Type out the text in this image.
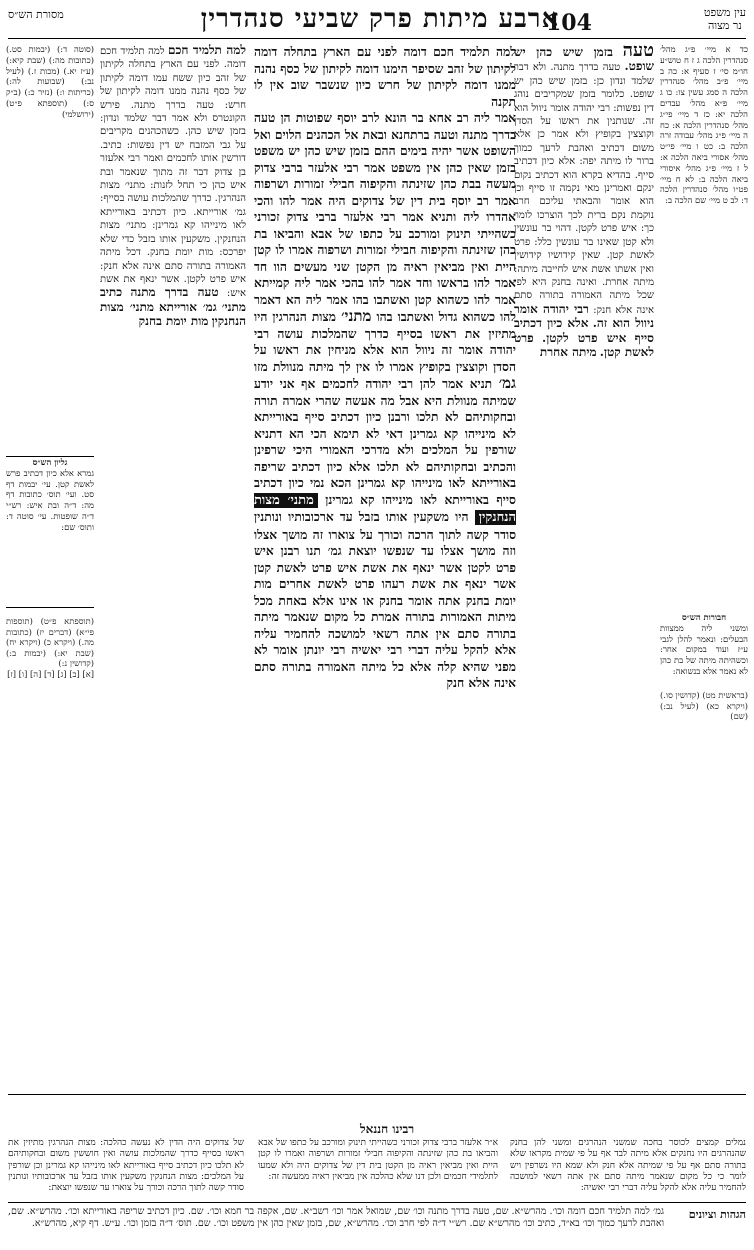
ארבע מיתות פרק שביעי סנהדרין
104	עין משפט
נר מצוה
מסורת הש״ס
כד א מיי׳ פ״ג מהל׳ סנהדרין הלכה ג ז ח טוש״ע חו״מ סי׳ ז סעיף א: כה ב מיי׳ פ״ב מהל׳ סנהדרין הלכה ה סמג עשין צו: כו ג מיי׳ פ״א מהל׳ עבדים הלכה יא: כז ד מיי׳ פי״ג מהל׳ סנהדרין הלכה א: כח ה מיי׳ פ״ג מהל׳ עבודה זרה הלכה ב: כט ו מיי׳ פי״ט מהל׳ אסורי ביאה הלכה א: ל ז מיי׳ פ״ג מהל׳ איסורי ביאה הלכה ב: לא ח מיי׳ פט״ו מהל׳ סנהדרין הלכה ד: לב ט מיי׳ שם הלכה ב:
חבורות הש״ס
ומשני ליה ממצוות הבעלים: ונאמר להלן לגבי ע״ז ועוד במקום אחר: וכשהיתה מיתה של בת כהן לא נאמר אלא בנשואה:
(בראשית מט) (קדושין סו.) (ויקרא כא) (לעיל נב:) (שם)
טעה בזמן שיש כהן יש שופט. טעה בדרך מתנה. ולא דבר שלמד ונדון כן: בזמן שיש כהן יש שופט. כלומר בזמן שמקריבים נוהג דין נפשות: רבי יהודה אומר ניוול הוא זה. שנותנין את ראשו על הסדן וקוצצין בקופיץ ולא אמר כן אלא משום דכתיב ואהבת לרעך כמוך ברור לו מיתה יפה: אלא כיון דכתיב סייף. בהדיא בקרא הוא דכתיב נקום ינקם ואמרינן מאי נקמה זו סייף וכן הוא אומר והבאתי עליכם חרב נוקמת נקם ברית לכך הוצרכו לומר כך: איש פרט לקטן. דהוי בר עונשין ולא קטן שאינו בר עונשין כלל: פרט לאשת קטן. שאין קידושיו קידושין ואין אשתו אשת איש לחייבה מיתה: מיתה אחרת. ואינה בחנק היא לפי שכל מיתה האמורה בתורה סתם אינה אלא חנק: רבי יהודה אומר ניוול הוא זה. אלא כיון דכתיב סייף איש פרט לקטן. פרט לאשת קטן. מיתה אחרת
למה תלמיד חכם דומה לפני עם הארץ בתחלה דומה לקיתון של זהב שסיפר הימנו דומה לקיתון של כסף נהנה ממנו דומה לקיתון של חרש כיון שנשבר שוב אין לו תקנה
אמר ליה רב אחא בר הונא לרב יוסף שפוטות הן טעה בדרך מתנה וטעה ברתחנא ובאת אל הכהנים הלוים ואל השופט אשר יהיה בימים ההם בזמן שיש כהן יש משפט בזמן שאין כהן אין משפט אמר רבי אלעזר ברבי צדוק מעשה בבת כהן שזינתה והקיפוה חבילי זמורות ושרפוה אמר רב יוסף בית דין של צדוקים היה אמר להו והכי אהדרו ליה ותניא אמר רבי אלעזר ברבי צדוק זכורני כשהייתי תינוק ומורכב על כתפו של אבא והביאו בת כהן שזינתה והקיפוה חבילי זמורות ושרפוה אמרו לו קטן היית ואין מביאין ראיה מן הקטן שני מעשים הוו חד אמר להו בראשו וחד אמר להו בהכי אמר ליה קמייתא אמר להו כשהוא קטן ואשתבו בהו אמר ליה הא דאמר להו כשהוא גדול ואשתבו בהו מתני׳ מצות הנהרגין היו מתיזין את ראשו בסייף כדרך שהמלכות עושה רבי יהודה אומר זה ניוול הוא אלא מניחין את ראשו על הסדן וקוצצין בקופיץ אמרו לו אין לך מיתה מנוולת מזו גמ׳ תניא אמר להן רבי יהודה לחכמים אף אני יודע שמיתה מנוולת היא אבל מה אעשה שהרי אמרה תורה ובחקותיהם לא תלכו ורבנן כיון דכתיב סייף באורייתא לא מינייהו קא גמרינן דאי לא תימא הכי הא דתניא שורפין על המלכים ולא מדרכי האמורי היכי שרפינן והכתיב ובחקותיהם לא תלכו אלא כיון דכתיב שריפה באורייתא לאו מינייהו קא גמרינן הכא נמי כיון דכתיב סייף באורייתא לאו מינייהו קא גמרינן מתני׳ מצות הנחנקין היו משקעין אותו בזבל עד ארכובותיו ונותנין סודר קשה לתוך הרכה וכורך על צוארו זה מושך אצלו וזה מושך אצלו עד שנפשו יוצאת גמ׳ תנו רבנן איש פרט לקטן אשר ינאף את אשת איש פרט לאשת קטן אשר ינאף את אשת רעהו פרט לאשת אחרים מות יומת בחנק אתה אומר בחנק או אינו אלא באחת מכל מיתות האמורות בתורה אמרת כל מקום שנאמר מיתה בתורה סתם אין אתה רשאי למושכה להחמיר עליה אלא להקל עליה דברי רבי יאשיה רבי יונתן אומר לא מפני שהיא קלה אלא כל מיתה האמורה בתורה סתם אינה אלא חנק
למה תלמיד חכם למה תלמיד חכם דומה. לפני עם הארץ בתחלה לקיתון של זהב כיון ששח עמו דומה לקיתון של כסף נהנה ממנו דומה לקיתון של חרש: טעה בדרך מתנה. פירש הקונטרס ולא אמר דבר שלמד ונדון: בזמן שיש כהן. כשהכהנים מקריבים על גבי המזבח יש דין נפשות: כתיב. דורשין אותו לחכמים ואמר רבי אלעזר בן צדוק דבר זה מתוך שנאמר ובת איש כהן כי תחל לזנות: מתני׳ מצות הנהרגין. כדרך שהמלכות עושה בסייף: גמ׳ אורייתא. כיון דכתיב באורייתא לאו מינייהו קא גמרינן: מתני׳ מצות הנחנקין. משקעין אותו בזבל כדי שלא יפרכס: מות יומת בחנק. דכל מיתה האמורה בתורה סתם אינה אלא חנק: איש פרט לקטן. אשר ינאף את אשת איש: טעה בדרך מתנה כתיב מתני׳ גמ׳ אורייתא מתני׳ מצות הנחנקין מות יומת בחנק
(סוטה ד:) (יבמות סט.) (כתובות מה:) (שבת קיא:) (ע״ז יא.) (מכות ז.) (לעיל נב:) (שבועות לה:) (כריתות ו:) (נזיר כ:) (ב״ק ס:) (תוספתא פ״ט) (ירושלמי)
גליון הש״ס
גמרא אלא כיון דכתיב פרש לאשת קטן. עי׳ יבמות דף סט. ועי׳ תוס׳ כתובות דף מה: ד״ה ובת איש: רש״י ד״ה שופטות. עי׳ סוטה ד: ותוס׳ שם:
(תוספתא פ״ט) (תוספות פי״א) (דברים יז) (כתובות מה.) (ויקרא כ) (ויקרא יח) (שבת יא:) (יבמות ב:) (קדושין נ:)
[א] [ב] [ג] [ד] [ה] [ו] [ז]
רבינו חננאל
נמלים קמצים לכוסר בחכה שמשני הנהרגים ומשני להן בחנק שהנהרגים היו נחנקים אלא מיתה לבד אף על פי שמית מקראו שלא בתורה סתם אף על פי שמיתה אלא חנק ולא שמא היו נשרפין ויש לומר כי כל מקום שנאמר מיתה סתם אין אתה רשאי למושכה להחמיר עליה אלא להקל עליה דברי רבי יאשיה:
א״ר אלעזר ברבי צדוק זכורני כשהייתי תינוק ומורכב על כתפו של אבא והביאו בת כהן שזינתה והקיפוה חבילי זמורות ושרפוה ואמרו לו קטן היית ואין מביאין ראיה מן הקטן בית דין של צדוקים היה ולא שמעו לתלמידי חכמים ולכן דנו שלא כהלכה אין מביאין ראיה ממעשה זה:
של צדוקים היה הדין לא נעשה כהלכה: מצות הנהרגין מתיזין את ראשו בסייף כדרך שהמלכות עושה ואין חוששין משום ובחקותיהם לא תלכו כיון דכתיב סייף באורייתא לאו מינייהו קא גמרינן וכן שורפין על המלכים: מצות הנחנקין משקעין אותו בזבל עד ארכובותיו ונותנין סודר קשה לתוך הרכה וכורך על צוארו עד שנפשו יוצאת:
הגהות וציונים
גמ׳ למה תלמיד חכם דומה וכו׳. מהרש״א. שם, טעה בדרך מתנה וכו׳ שם, שמואל אמר וכו׳ רשב״א. שם, אקפה בר חמא וכו׳. שם. כיון דכתיב שריפה באורייתא וכו׳. מהרש״א. שם, ואהבת לרעך כמוך וכו׳ בא״ד, כתיב וכו׳ מהרש״א שם. רש״י ד״ה לפי חרב וכו׳. מהרש״א, שם, בזמן שאין כהן אין משפט וכו׳. שם. תוס׳ ד״ה בזמן וכו׳. ע״ש. דף קיא, מהרש״א.
